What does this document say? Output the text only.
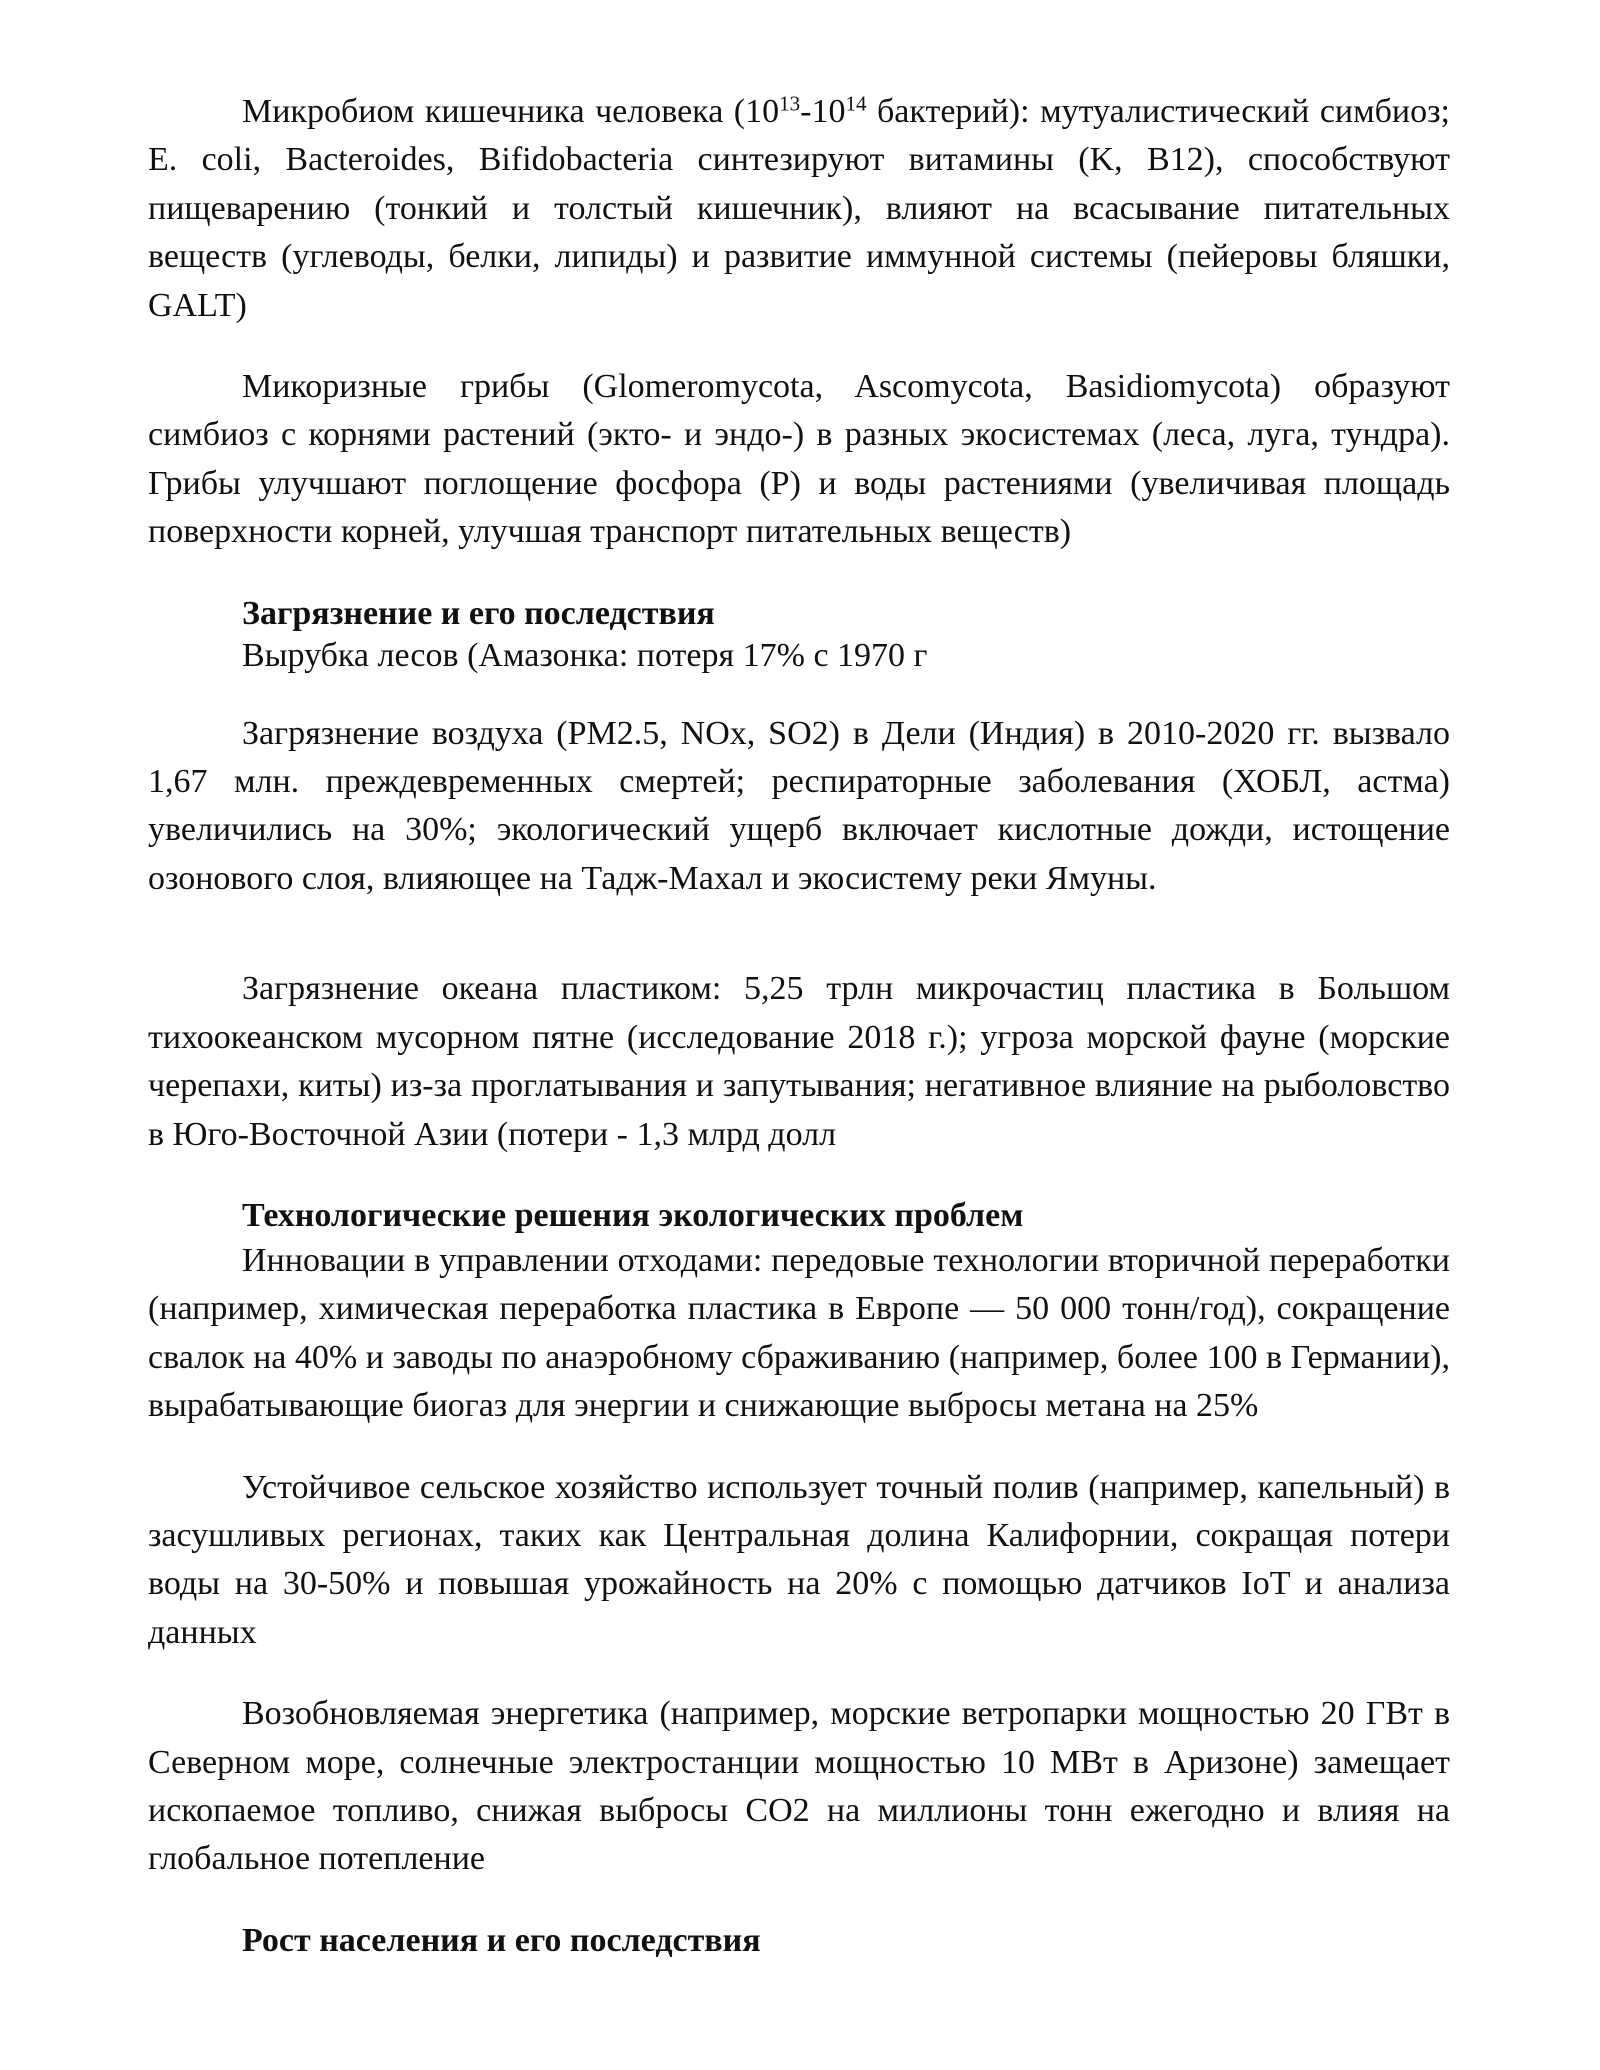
Микробиом кишечника человека ($10^{13}-10^{14}$ бактерий): мутуалистический симбиоз; E. coli, Bacteroides, Bifidobacteria синтезируют витамины (K, B12), способствуют пищеварению (тонкий и толстый кишечник), влияют на всасывание питательных веществ (углеводы, белки, липиды) и развитие иммунной системы (пейеровы бляшки, GALT)

Микоризные грибы (Glomeromycota, Ascomycota, Basidiomycota) образуют симбиоз с корнями растений (экто- и эндо-) в разных экосистемах (леса, луга, тундра). Грибы улучшают поглощение фосфора (P) и воды растениями (увеличивая площадь поверхности корней, улучшая транспорт питательных веществ)

Загрязнение и его последствия

Вырубка лесов (Амазонка: потеря 17% с 1970 г

Загрязнение воздуха (PM2.5, NOx, SO2) в Дели (Индия) в 2010-2020 гг. вызвало 1,67 млн. преждевременных смертей; респираторные заболевания (ХОБЛ, астма) увеличились на 30%; экологический ущерб включает кислотные дожди, истощение озонового слоя, влияющее на Тадж-Махал и экосистему реки Ямуны.

Загрязнение океана пластиком: 5,25 трлн микрочастиц пластика в Большом тихоокеанском мусорном пятне (исследование 2018 г.); угроза морской фауне (морские черепахи, киты) из-за проглатывания и запутывания; негативное влияние на рыболовство в Юго-Восточной Азии (потери - 1,3 млрд долл

Технологические решения экологических проблем

Инновации в управлении отходами: передовые технологии вторичной переработки (например, химическая переработка пластика в Европе — 50 000 тонн/год), сокращение свалок на 40% и заводы по анаэробному сбраживанию (например, более 100 в Германии), вырабатывающие биогаз для энергии и снижающие выбросы метана на 25%

Устойчивое сельское хозяйство использует точный полив (например, капельный) в засушливых регионах, таких как Центральная долина Калифорнии, сокращая потери воды на 30-50% и повышая урожайность на 20% с помощью датчиков IoT и анализа данных

Возобновляемая энергетика (например, морские ветропарки мощностью 20 ГВт в Северном море, солнечные электростанции мощностью 10 МВт в Аризоне) замещает ископаемое топливо, снижая выбросы CO2 на миллионы тонн ежегодно и влияя на глобальное потепление

Рост населения и его последствия
